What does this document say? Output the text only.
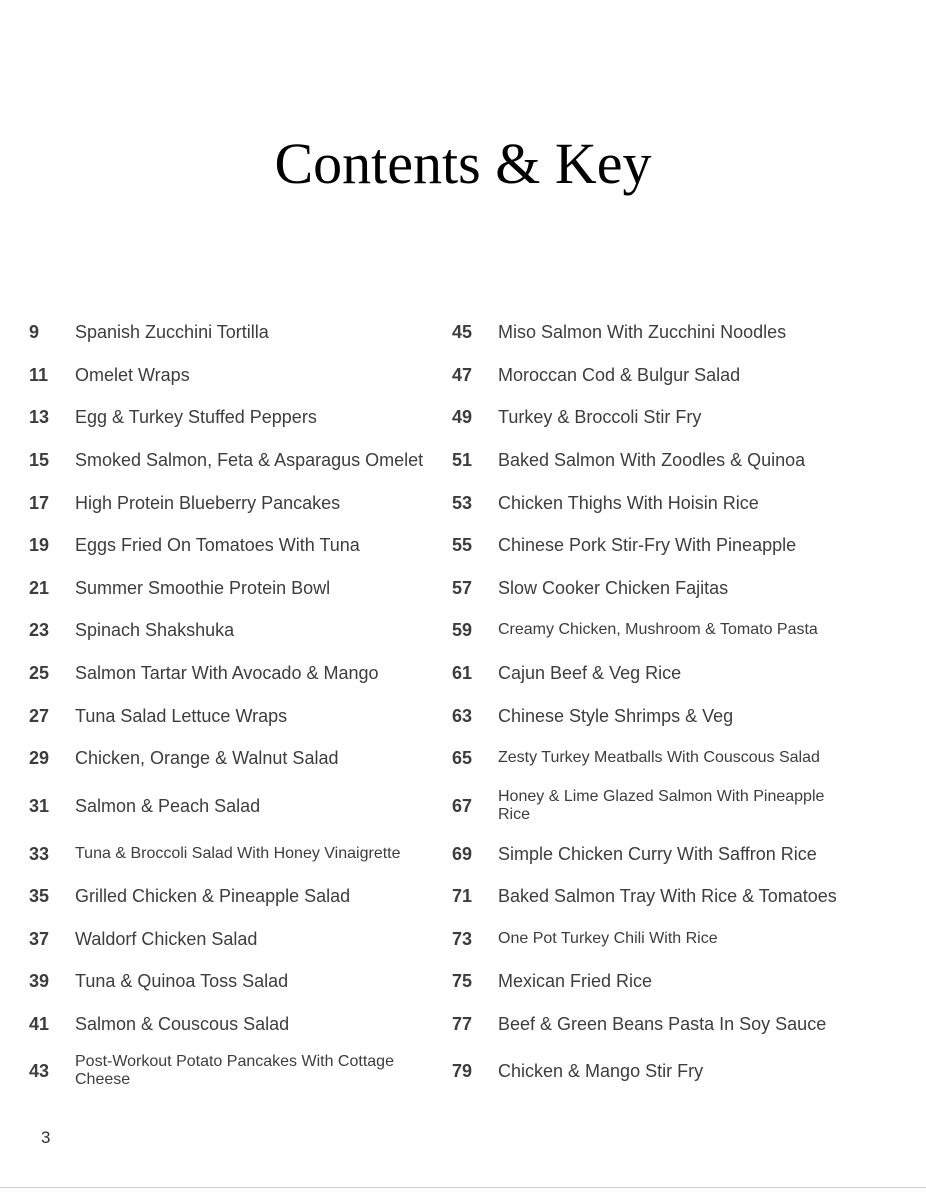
Contents & Key
9	Spanish Zucchini Tortilla
11	Omelet Wraps
13	Egg & Turkey Stuffed Peppers
15	Smoked Salmon, Feta & Asparagus Omelet
17	High Protein Blueberry Pancakes
19	Eggs Fried On Tomatoes With Tuna
21	Summer Smoothie Protein Bowl
23	Spinach Shakshuka
25	Salmon Tartar With Avocado & Mango
27	Tuna Salad Lettuce Wraps
29	Chicken, Orange & Walnut Salad
31	Salmon & Peach Salad
33	Tuna & Broccoli Salad With Honey Vinaigrette
35	Grilled Chicken & Pineapple Salad
37	Waldorf Chicken Salad
39	Tuna & Quinoa Toss Salad
41	Salmon & Couscous Salad
43	Post-Workout Potato Pancakes With Cottage Cheese
45	Miso Salmon With Zucchini Noodles
47	Moroccan Cod & Bulgur Salad
49	Turkey & Broccoli Stir Fry
51	Baked Salmon With Zoodles & Quinoa
53	Chicken Thighs With Hoisin Rice
55	Chinese Pork Stir-Fry With Pineapple
57	Slow Cooker Chicken Fajitas
59	Creamy Chicken, Mushroom & Tomato Pasta
61	Cajun Beef & Veg Rice
63	Chinese Style Shrimps & Veg
65	Zesty Turkey Meatballs With Couscous Salad
67	Honey & Lime Glazed Salmon With Pineapple Rice
69	Simple Chicken Curry With Saffron Rice
71	Baked Salmon Tray With Rice & Tomatoes
73	One Pot Turkey Chili With Rice
75	Mexican Fried Rice
77	Beef & Green Beans Pasta In Soy Sauce
79	Chicken & Mango Stir Fry
3
